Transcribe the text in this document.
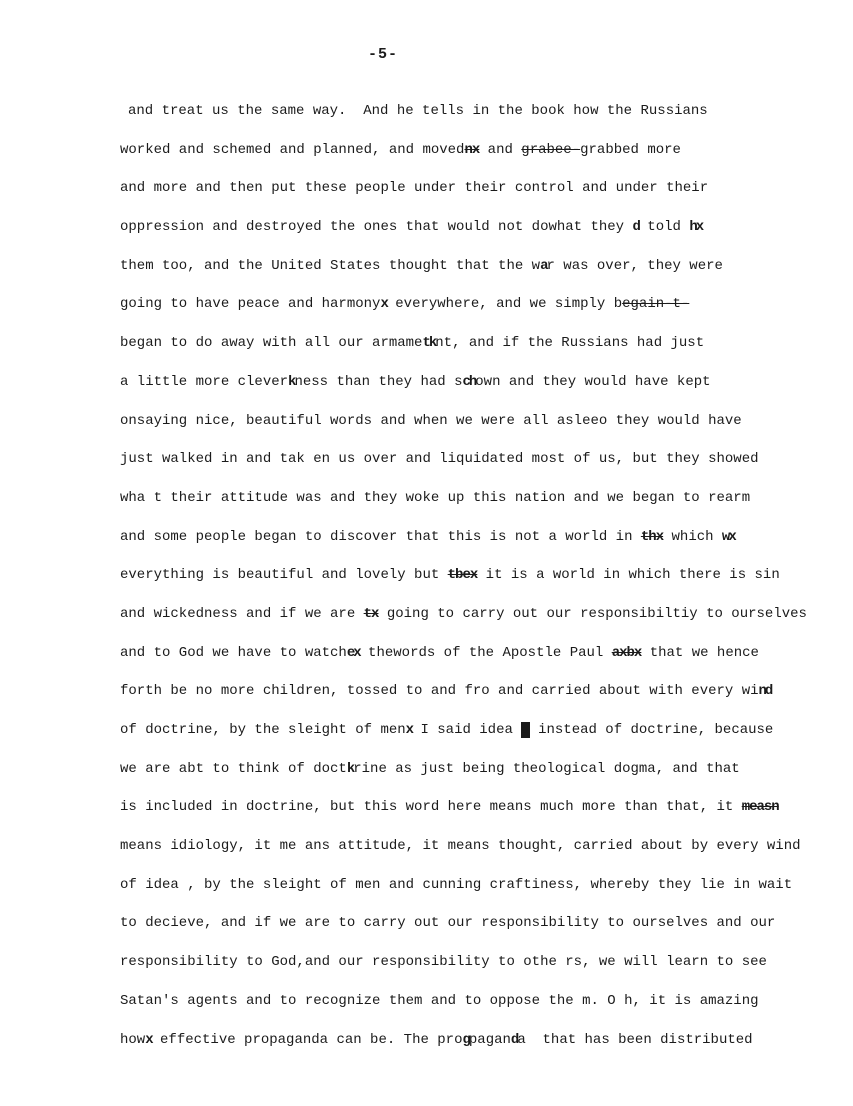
-5-
and treat us the same way.  And he tells in the book how the Russians
worked and schemed and planned, and movednx and grabee-grabbed more
and more and then put these people under their control and under their
oppression and destroyed the ones that would not dowhat they d told hx
them too, and the United States thought that the war was over, they were
going to have peace and harmonyx everywhere, and we simply begain-t-
began to do away with all our armametknt, and if the Russians had just
a little more cleverkness than they had schown and they would have kept
onsaying nice, beautiful words and when we were all asleeo they would have
just walked in and tak en us over and liquidated most of us, but they showed
wha t their attitude was and they woke up this nation and we began to rearm
and some people began to discover that this is not a world in thx which wx
everything is beautiful and lovely but tbex it is a world in which there is sin
and wickedness and if we are tx going to carry out our responsibiltiy to ourselves
and to God we have to watchex thewords of the Apostle Paul axbx that we hence
forth be no more children, tossed to and fro and carried about with every wind
of doctrine, by the sleight of menx I said idea a instead of doctrine, because
we are abt to think of doctkrine as just being theological dogma, and that
is included in doctrine, but this word here means much more than that, it measn
means idiology, it me ans attitude, it means thought, carried about by every wind
of idea , by the sleight of men and cunning craftiness, whereby they lie in wait
to decieve, and if we are to carry out our responsibility to ourselves and our
responsibility to God,and our responsibility to othe rs, we will learn to see
Satan's agents and to recognize them and to oppose the m. O h, it is amazing
howx effective propaganda can be. The progpaganda  that has been distributed
